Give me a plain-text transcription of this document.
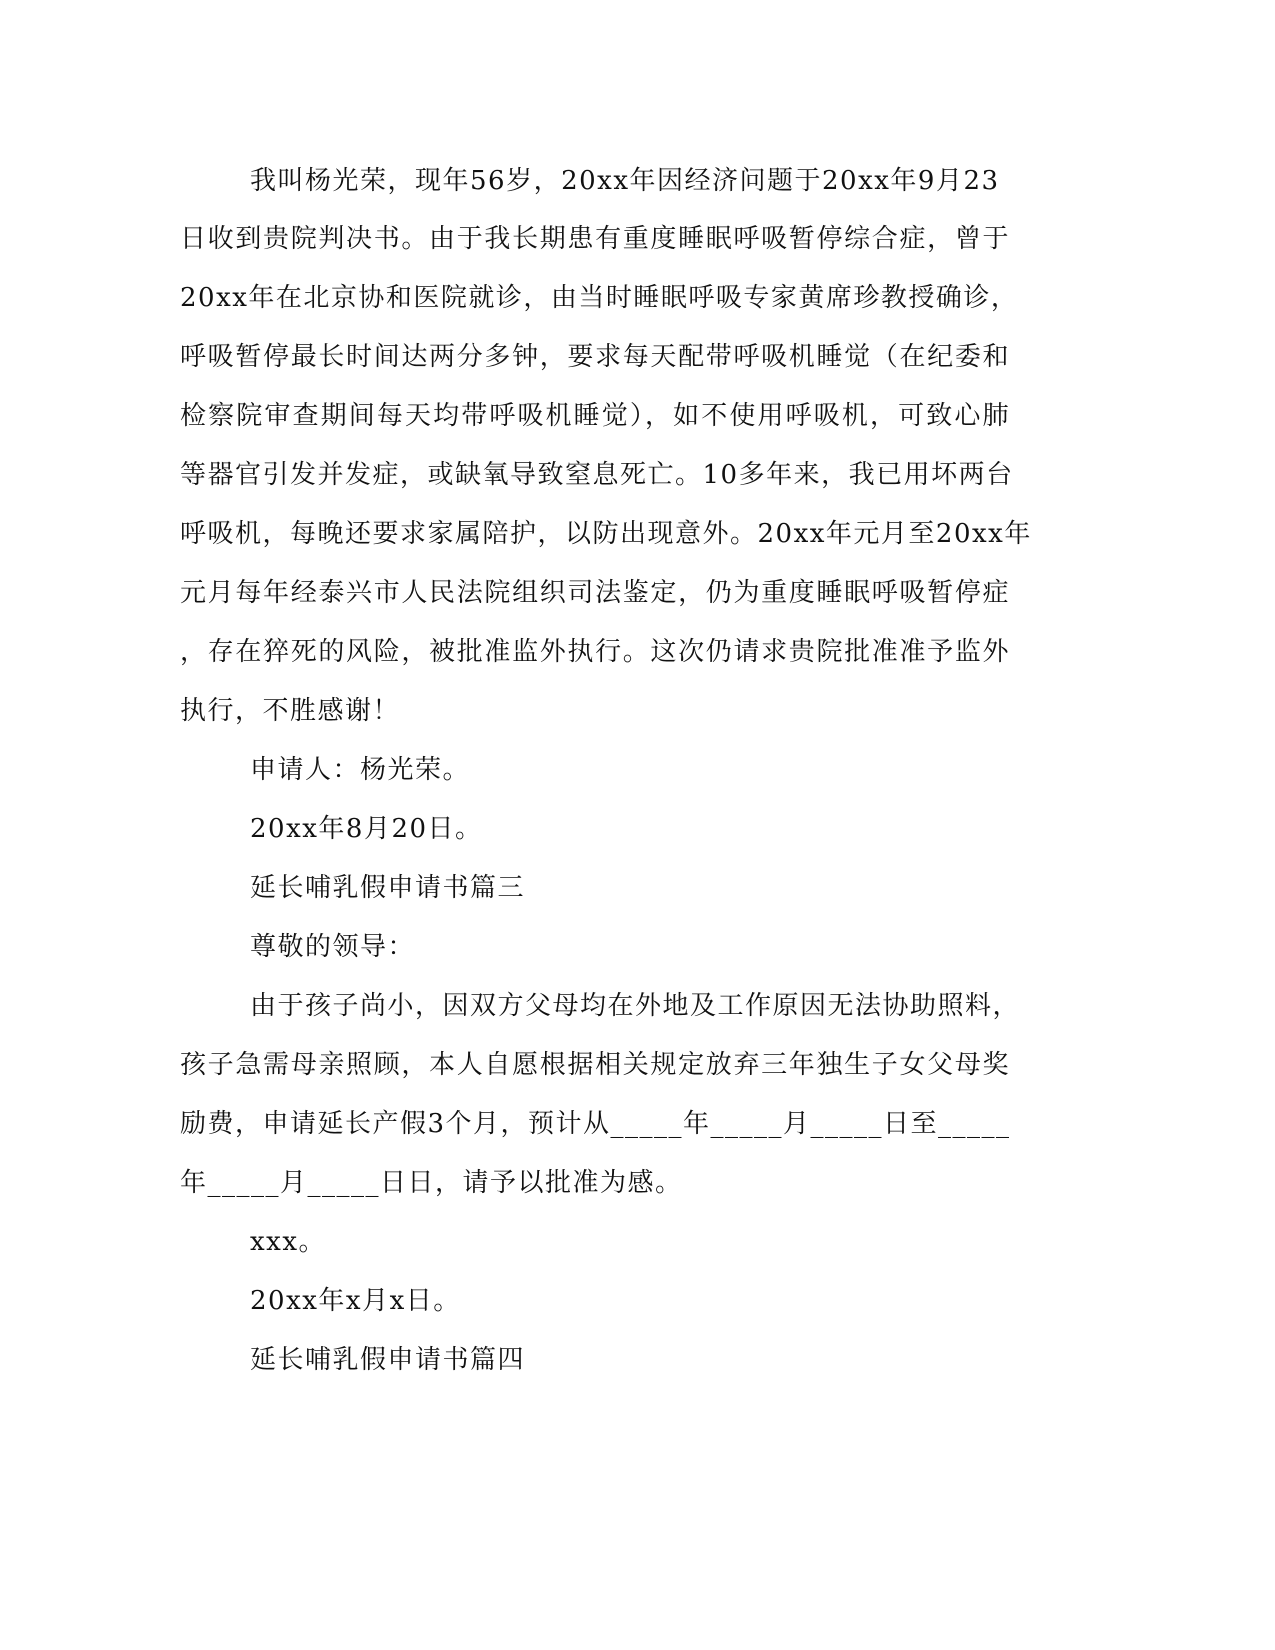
我叫杨光荣，现年56岁，20xx年因经济问题于20xx年9月23
日收到贵院判决书。由于我长期患有重度睡眠呼吸暂停综合症，曾于
20xx年在北京协和医院就诊，由当时睡眠呼吸专家黄席珍教授确诊，
呼吸暂停最长时间达两分多钟，要求每天配带呼吸机睡觉（在纪委和
检察院审查期间每天均带呼吸机睡觉），如不使用呼吸机，可致心肺
等器官引发并发症，或缺氧导致窒息死亡。10多年来，我已用坏两台
呼吸机，每晚还要求家属陪护，以防出现意外。20xx年元月至20xx年
元月每年经泰兴市人民法院组织司法鉴定，仍为重度睡眠呼吸暂停症
，存在猝死的风险，被批准监外执行。这次仍请求贵院批准准予监外
执行，不胜感谢！
申请人：杨光荣。
20xx年8月20日。
延长哺乳假申请书篇三
尊敬的领导：
由于孩子尚小，因双方父母均在外地及工作原因无法协助照料，
孩子急需母亲照顾，本人自愿根据相关规定放弃三年独生子女父母奖
励费，申请延长产假3个月，预计从_____年_____月_____日至_____
年_____月_____日日，请予以批准为感。
xxx。
20xx年x月x日。
延长哺乳假申请书篇四
